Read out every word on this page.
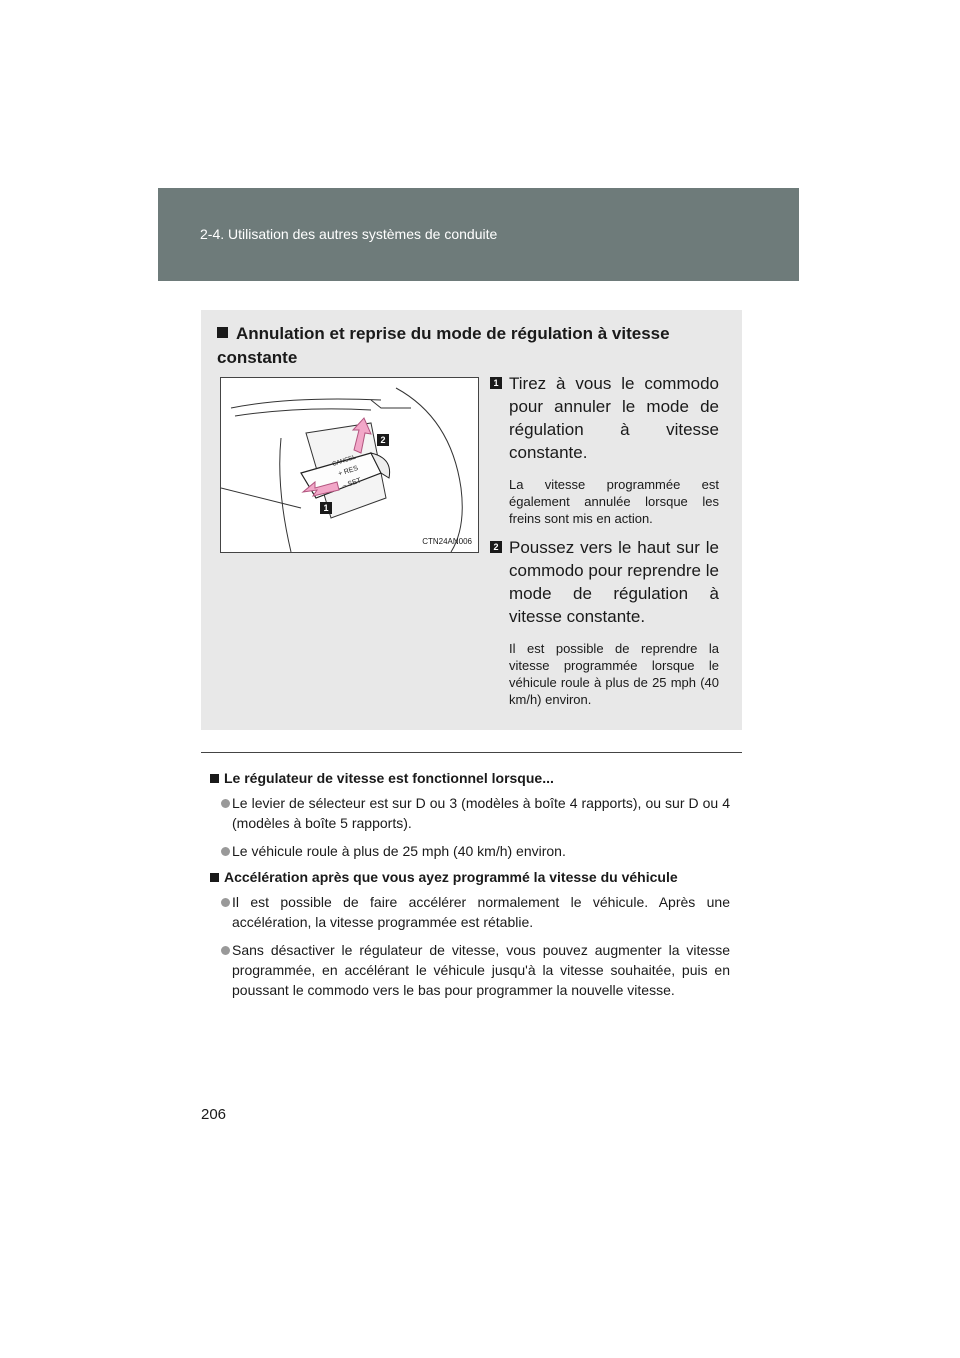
2-4. Utilisation des autres systèmes de conduite
Annulation et reprise du mode de régulation à vitesse constante
CANCEL
+ RES
– SET
2
1
CTN24AN006
1 Tirez à vous le commodo pour annuler le mode de régulation à vitesse constante.
La vitesse programmée est également annulée lorsque les freins sont mis en action.
2 Poussez vers le haut sur le commodo pour reprendre le mode de régulation à vitesse constante.
Il est possible de reprendre la vitesse programmée lorsque le véhicule roule à plus de 25 mph (40 km/h) environ.
Le régulateur de vitesse est fonctionnel lorsque...
Le levier de sélecteur est sur D ou 3 (modèles à boîte 4 rapports), ou sur D ou 4 (modèles à boîte 5 rapports).
Le véhicule roule à plus de 25 mph (40 km/h) environ.
Accélération après que vous ayez programmé la vitesse du véhicule
Il est possible de faire accélérer normalement le véhicule. Après une accélération, la vitesse programmée est rétablie.
Sans désactiver le régulateur de vitesse, vous pouvez augmenter la vitesse programmée, en accélérant le véhicule jusqu'à la vitesse souhaitée, puis en poussant le commodo vers le bas pour programmer la nouvelle vitesse.
206
